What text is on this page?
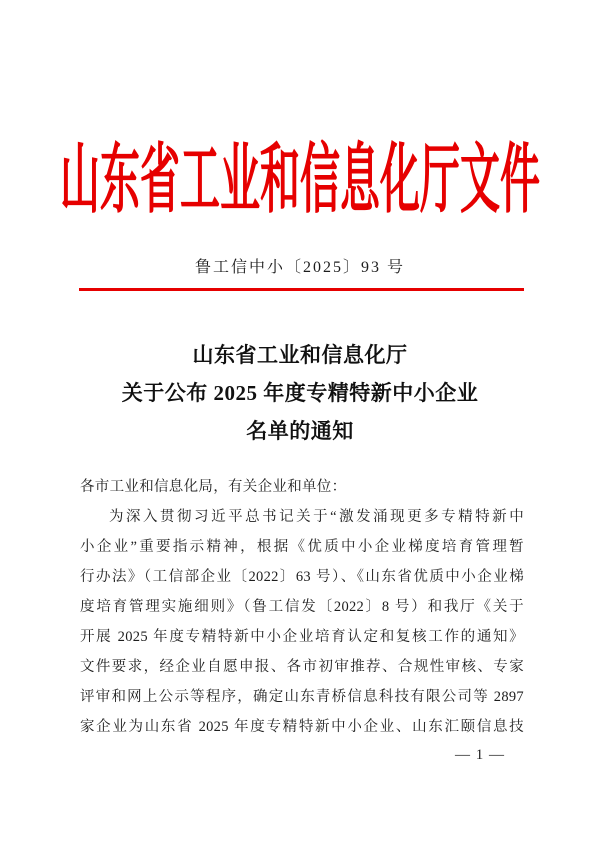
山东省工业和信息化厅文件
鲁工信中小〔2025〕93 号
山东省工业和信息化厅
关于公布 2025 年度专精特新中小企业
名单的通知
各市工业和信息化局，有关企业和单位：
为深入贯彻习近平总书记关于“激发涌现更多专精特新中
小企业”重要指示精神，根据《优质中小企业梯度培育管理暂
行办法》（工信部企业〔2022〕63 号）、《山东省优质中小企业梯
度培育管理实施细则》（鲁工信发〔2022〕8 号）和我厅《关于
开展 2025 年度专精特新中小企业培育认定和复核工作的通知》
文件要求，经企业自愿申报、各市初审推荐、合规性审核、专家
评审和网上公示等程序，确定山东青桥信息科技有限公司等 2897
家企业为山东省 2025 年度专精特新中小企业、山东汇颐信息技
— 1 —
